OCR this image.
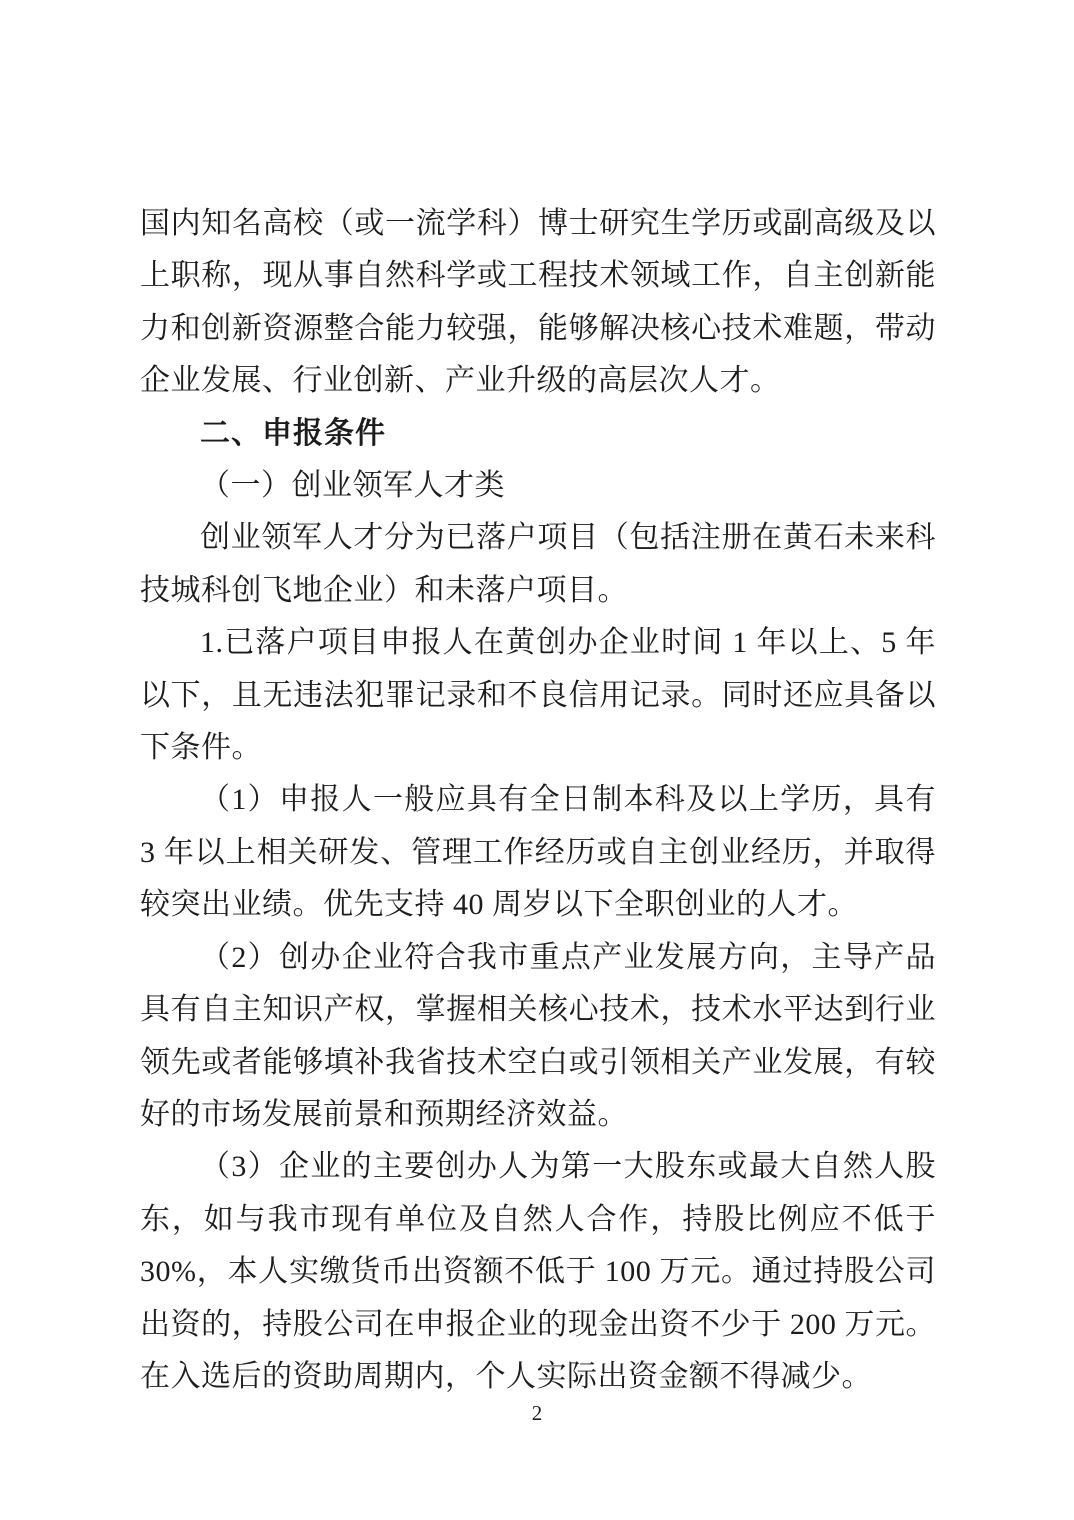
国内知名高校（或一流学科）博士研究生学历或副高级及以上职称，现从事自然科学或工程技术领域工作，自主创新能力和创新资源整合能力较强，能够解决核心技术难题，带动企业发展、行业创新、产业升级的高层次人才。

二、申报条件

（一）创业领军人才类

创业领军人才分为已落户项目（包括注册在黄石未来科技城科创飞地企业）和未落户项目。

1.已落户项目申报人在黄创办企业时间 1 年以上、5 年以下，且无违法犯罪记录和不良信用记录。同时还应具备以下条件。

（1）申报人一般应具有全日制本科及以上学历，具有 3 年以上相关研发、管理工作经历或自主创业经历，并取得较突出业绩。优先支持 40 周岁以下全职创业的人才。

（2）创办企业符合我市重点产业发展方向，主导产品具有自主知识产权，掌握相关核心技术，技术水平达到行业领先或者能够填补我省技术空白或引领相关产业发展，有较好的市场发展前景和预期经济效益。

（3）企业的主要创办人为第一大股东或最大自然人股东，如与我市现有单位及自然人合作，持股比例应不低于 30%，本人实缴货币出资额不低于 100 万元。通过持股公司出资的，持股公司在申报企业的现金出资不少于 200 万元。在入选后的资助周期内，个人实际出资金额不得减少。

2
